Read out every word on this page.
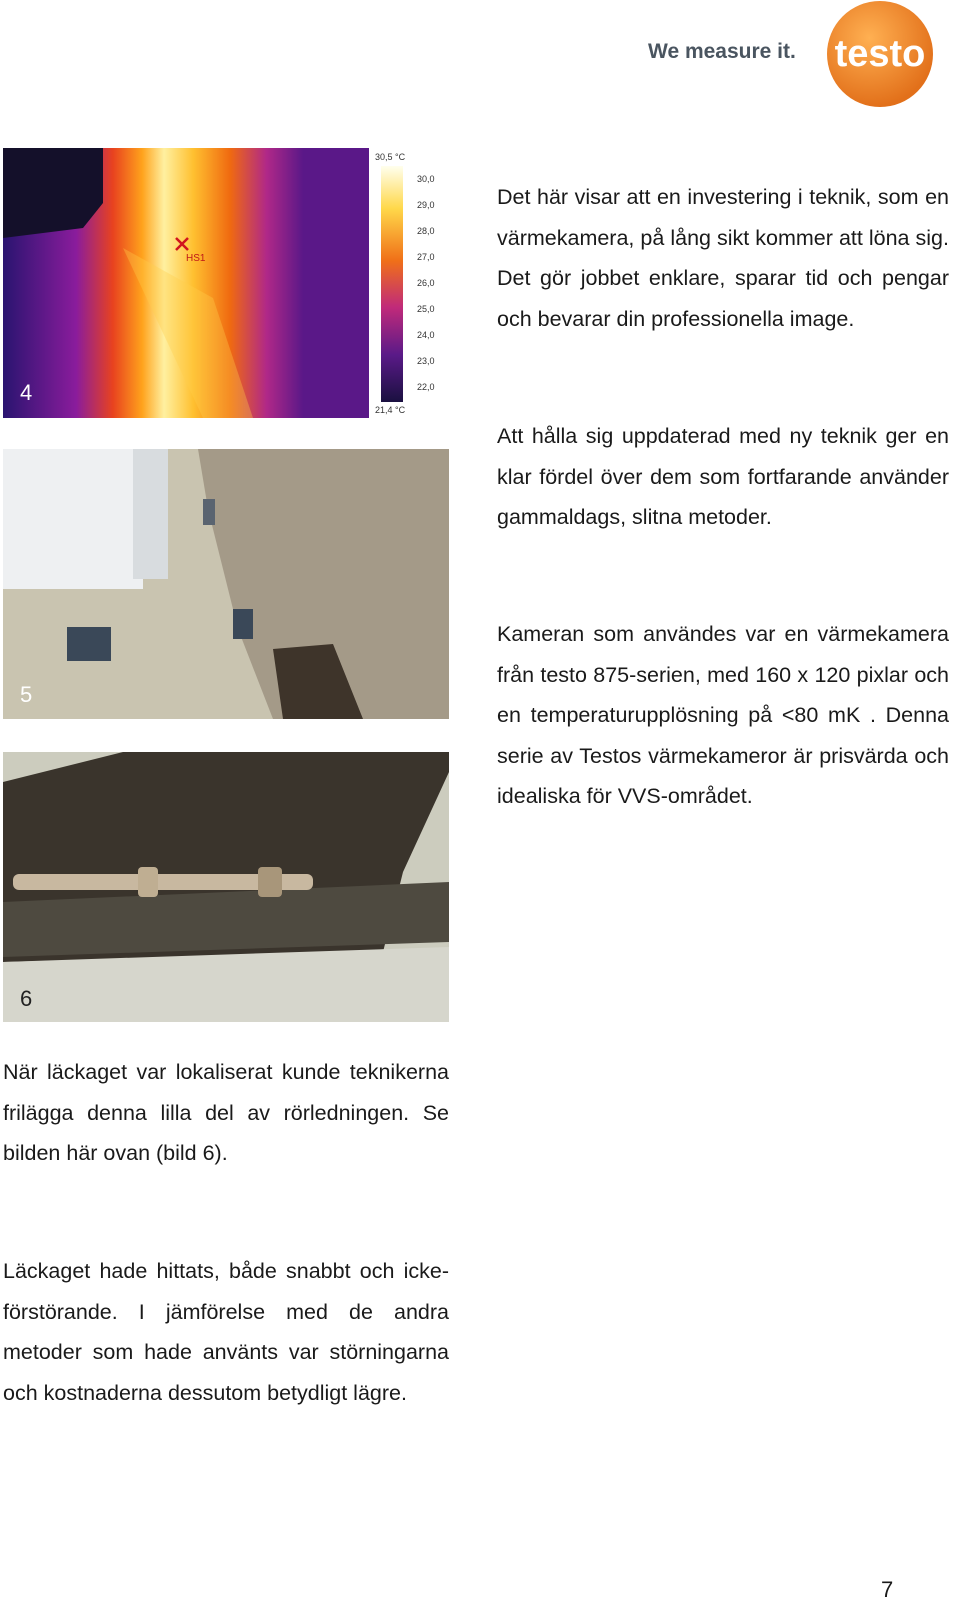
We measure it. testo
30,5 °C
21,4 °C
30,0
29,0
28,0
27,0
26,0
25,0
24,0
23,0
22,0
HS1
4
5
6

Det här visar att en investering i teknik, som en värmekamera, på lång sikt kommer att löna sig. Det gör jobbet enklare, sparar tid och pengar och bevarar din professionella image.

Att hålla sig uppdaterad med ny teknik ger en klar fördel över dem som fortfarande använder gammaldags, slitna metoder.

Kameran som användes var en värmekamera från testo 875-serien, med 160 x 120 pixlar och en temperaturupplösning på <80 mK . Denna serie av Testos värmekameror är prisvärda och idealiska för VVS-området.

När läckaget var lokaliserat kunde teknikerna frilägga denna lilla del av rörledningen. Se bilden här ovan (bild 6).

Läckaget hade hittats, både snabbt och icke-förstörande. I jämförelse med de andra metoder som hade använts var störningarna och kostnaderna dessutom betydligt lägre.

7
